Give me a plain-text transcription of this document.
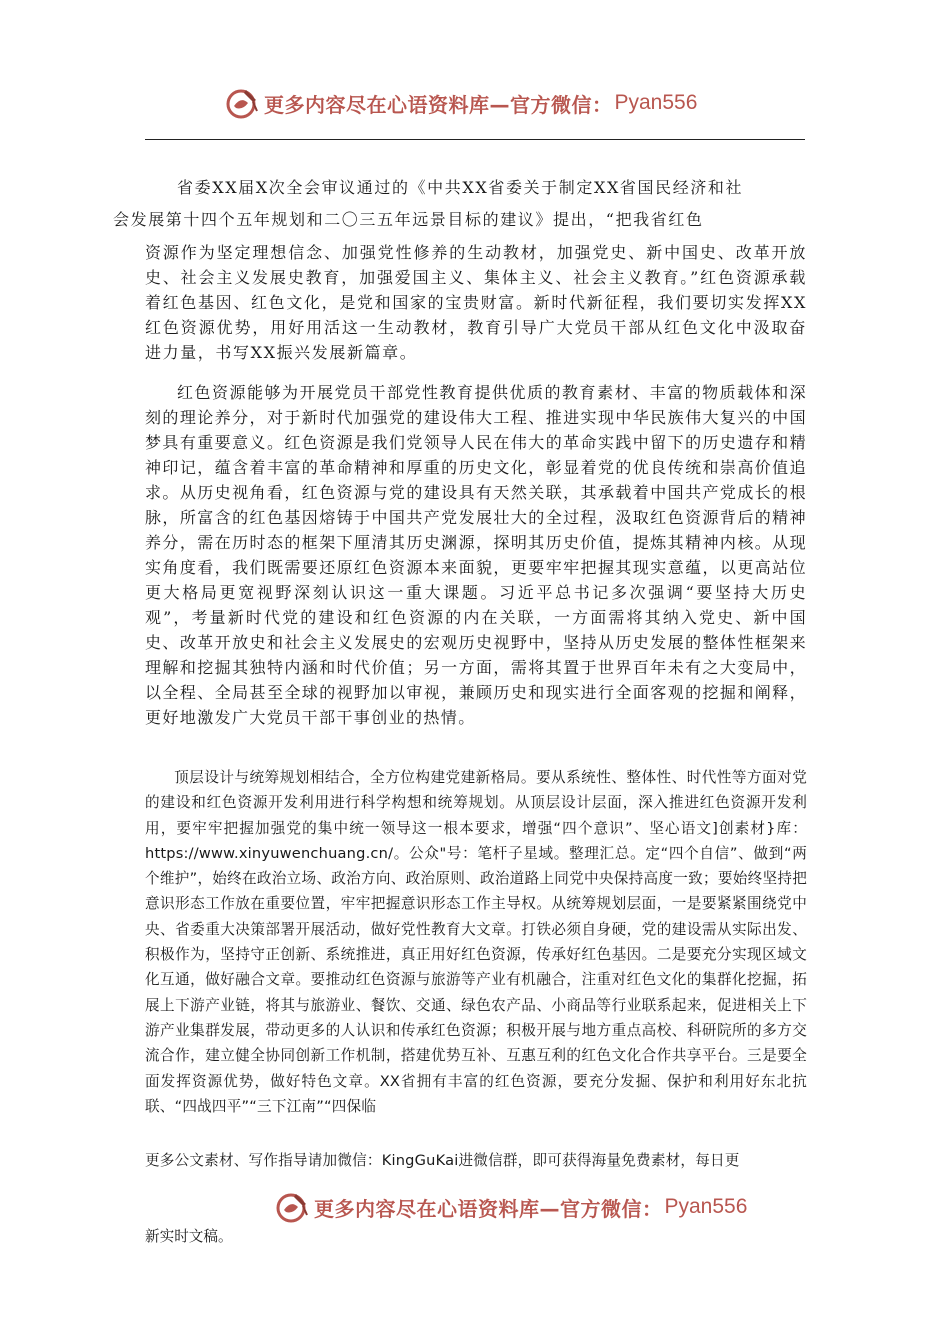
更多内容尽在心语资料库—官方微信： Pyan556

省委XX届X次全会审议通过的《中共XX省委关于制定XX省国民经济和社
会发展第十四个五年规划和二〇三五年远景目标的建议》提出，“把我省红色

资源作为坚定理想信念、加强党性修养的生动教材，加强党史、新中国史、改革开放史、社会主义发展史教育，加强爱国主义、集体主义、社会主义教育。”红色资源承载着红色基因、红色文化，是党和国家的宝贵财富。新时代新征程，我们要切实发挥XX红色资源优势，用好用活这一生动教材，教育引导广大党员干部从红色文化中汲取奋进力量，书写XX振兴发展新篇章。

红色资源能够为开展党员干部党性教育提供优质的教育素材、丰富的物质载体和深刻的理论养分，对于新时代加强党的建设伟大工程、推进实现中华民族伟大复兴的中国梦具有重要意义。红色资源是我们党领导人民在伟大的革命实践中留下的历史遗存和精神印记，蕴含着丰富的革命精神和厚重的历史文化，彰显着党的优良传统和崇高价值追求。从历史视角看，红色资源与党的建设具有天然关联，其承载着中国共产党成长的根脉，所富含的红色基因熔铸于中国共产党发展壮大的全过程，汲取红色资源背后的精神养分，需在历时态的框架下厘清其历史渊源，探明其历史价值，提炼其精神内核。从现实角度看，我们既需要还原红色资源本来面貌，更要牢牢把握其现实意蕴，以更高站位更大格局更宽视野深刻认识这一重大课题。习近平总书记多次强调“要坚持大历史观”，考量新时代党的建设和红色资源的内在关联，一方面需将其纳入党史、新中国史、改革开放史和社会主义发展史的宏观历史视野中，坚持从历史发展的整体性框架来理解和挖掘其独特内涵和时代价值；另一方面，需将其置于世界百年未有之大变局中，以全程、全局甚至全球的视野加以审视，兼顾历史和现实进行全面客观的挖掘和阐释，更好地激发广大党员干部干事创业的热情。

顶层设计与统筹规划相结合，全方位构建党建新格局。要从系统性、整体性、时代性等方面对党的建设和红色资源开发利用进行科学构想和统筹规划。从顶层设计层面，深入推进红色资源开发利用，要牢牢把握加强党的集中统一领导这一根本要求，增强“四个意识”、坚心语文]创素材}库：https://www.xinyuwenchuang.cn/。公众"号：笔杆子星域。整理汇总。定“四个自信”、做到“两个维护”，始终在政治立场、政治方向、政治原则、政治道路上同党中央保持高度一致；要始终坚持把意识形态工作放在重要位置，牢牢把握意识形态工作主导权。从统筹规划层面，一是要紧紧围绕党中央、省委重大决策部署开展活动，做好党性教育大文章。打铁必须自身硬，党的建设需从实际出发、积极作为，坚持守正创新、系统推进，真正用好红色资源，传承好红色基因。二是要充分实现区域文化互通，做好融合文章。要推动红色资源与旅游等产业有机融合，注重对红色文化的集群化挖掘，拓展上下游产业链，将其与旅游业、餐饮、交通、绿色农产品、小商品等行业联系起来，促进相关上下游产业集群发展，带动更多的人认识和传承红色资源；积极开展与地方重点高校、科研院所的多方交流合作，建立健全协同创新工作机制，搭建优势互补、互惠互利的红色文化合作共享平台。三是要全面发挥资源优势，做好特色文章。XX省拥有丰富的红色资源，要充分发掘、保护和利用好东北抗联、“四战四平”“三下江南”“四保临

更多公文素材、写作指导请加微信：KingGuKai进微信群，即可获得海量免费素材，每日更

更多内容尽在心语资料库—官方微信： Pyan556

新实时文稿。
